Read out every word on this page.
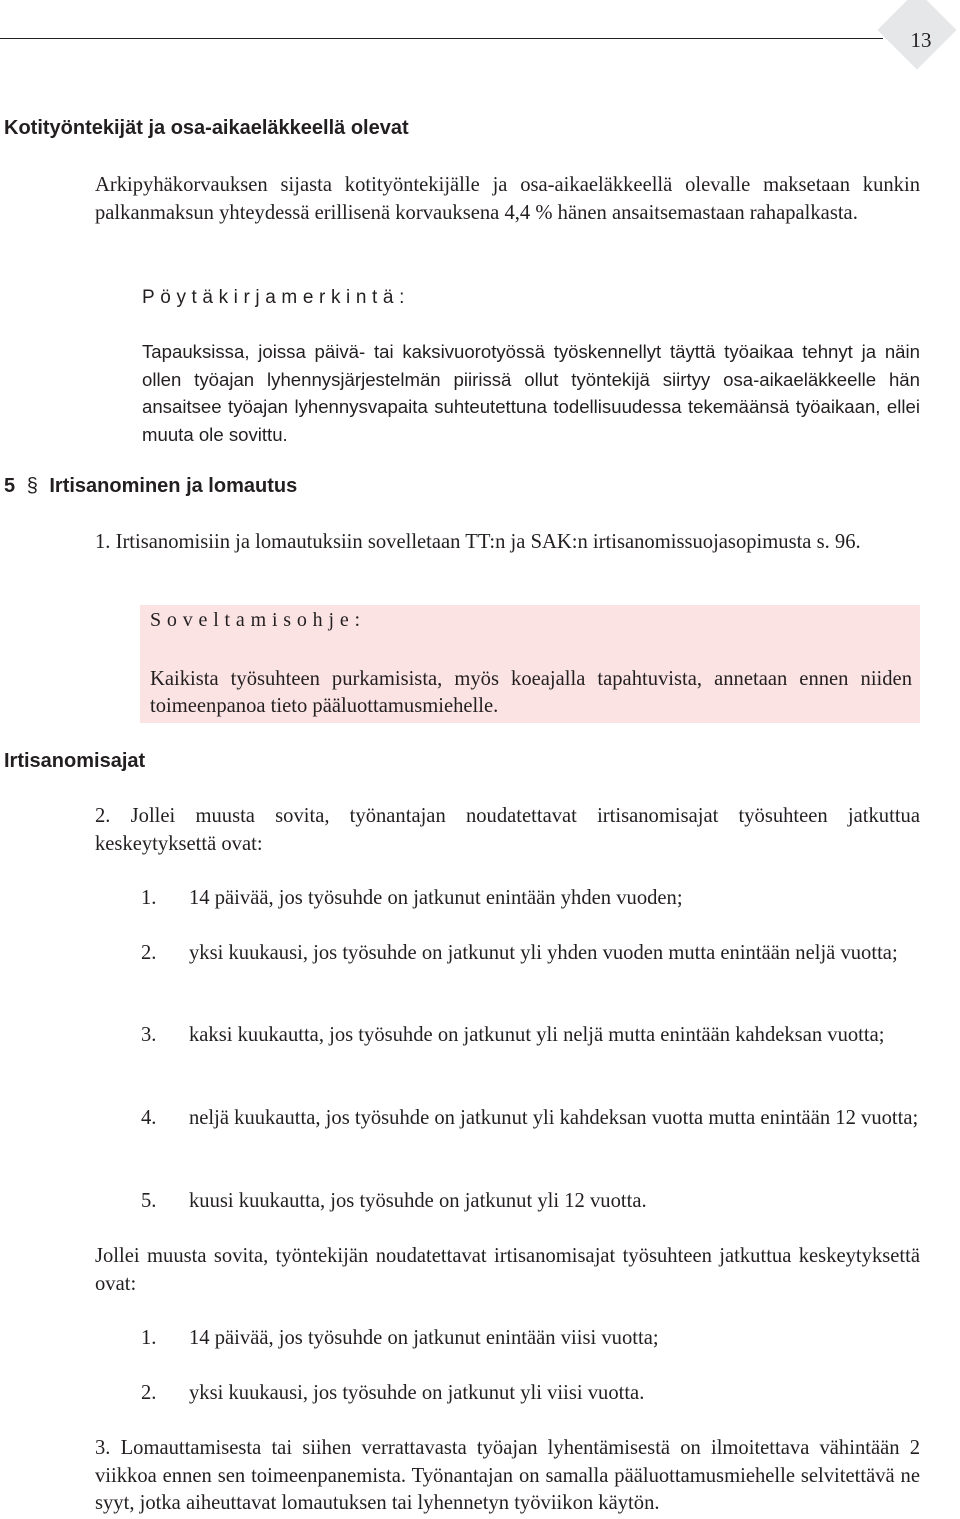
13
Kotityöntekijät ja osa-aikaeläkkeellä olevat
Arkipyhäkorvauksen sijasta kotityöntekijälle ja osa-aikaeläkkeellä olevalle maksetaan kunkin palkanmaksun yhteydessä erillisenä korvauksena 4,4 % hänen ansaitsemastaan rahapalkasta.
Pöytäkirjamerkintä:
Tapauksissa, joissa päivä- tai kaksivuorotyössä työskennellyt täyttä työaikaa tehnyt ja näin ollen työajan lyhennysjärjestelmän piirissä ollut työntekijä siirtyy osa-aikaeläkkeelle hän ansaitsee työajan lyhennysvapaita suhteutettuna todellisuudessa tekemäänsä työaikaan, ellei muuta ole sovittu.
5 § Irtisanominen ja lomautus
1. Irtisanomisiin ja lomautuksiin sovelletaan TT:n ja SAK:n irtisanomissuojasopimusta s. 96.
Soveltamisohje:
Kaikista työsuhteen purkamisista, myös koeajalla tapahtuvista, annetaan ennen niiden toimeenpanoa tieto pääluottamusmiehelle.
Irtisanomisajat
2. Jollei muusta sovita, työnantajan noudatettavat irtisanomisajat työsuhteen jatkuttua keskeytyksettä ovat:
1. 14 päivää, jos työsuhde on jatkunut enintään yhden vuoden;
2. yksi kuukausi, jos työsuhde on jatkunut yli yhden vuoden mutta enintään neljä vuotta;
3. kaksi kuukautta, jos työsuhde on jatkunut yli neljä mutta enintään kahdeksan vuotta;
4. neljä kuukautta, jos työsuhde on jatkunut yli kahdeksan vuotta mutta enintään 12 vuotta;
5. kuusi kuukautta, jos työsuhde on jatkunut yli 12 vuotta.
Jollei muusta sovita, työntekijän noudatettavat irtisanomisajat työsuhteen jatkuttua keskeytyksettä ovat:
1. 14 päivää, jos työsuhde on jatkunut enintään viisi vuotta;
2. yksi kuukausi, jos työsuhde on jatkunut yli viisi vuotta.
3. Lomauttamisesta tai siihen verrattavasta työajan lyhentämisestä on ilmoitettava vähintään 2 viikkoa ennen sen toimeenpanemista. Työnantajan on samalla pääluottamusmiehelle selvitettävä ne syyt, jotka aiheuttavat lomautuksen tai lyhennetyn työviikon käytön.
